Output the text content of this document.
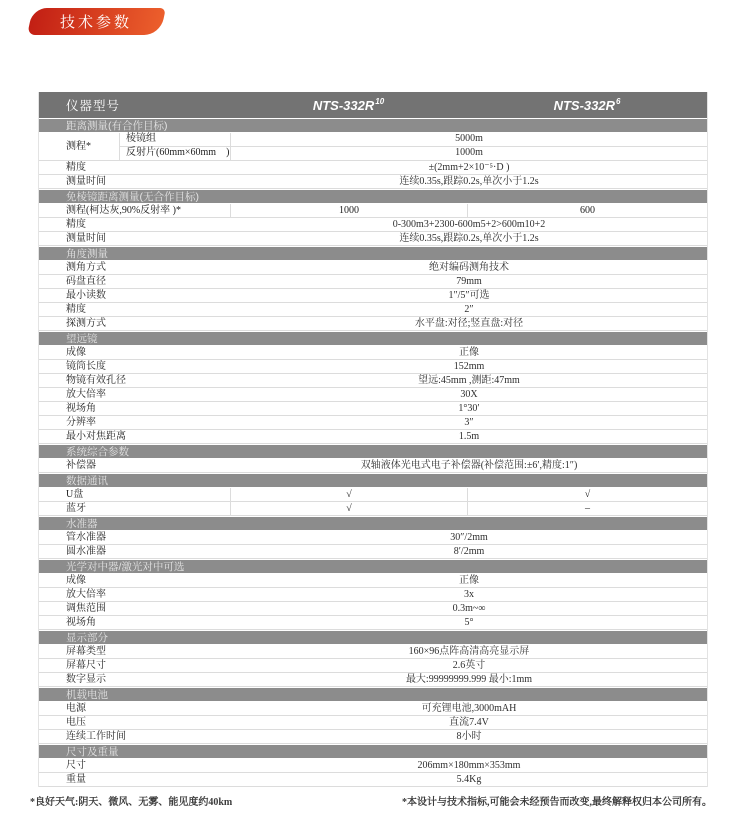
技术参数
仪器型号	NTS-332R 10	NTS-332R 6
距离测量(有合作目标)
测程*
棱镜组	5000m
反射片(60mm×60mm　)	1000m
精度	±(2mm+2×10⁻⁵·D )
测量时间	连续0.35s,跟踪0.2s,单次小于1.2s
免棱镜距离测量(无合作目标)
测程(柯达灰,90%反射率 )*	1000	600
精度	0-300m3+2300-600m5+2>600m10+2
测量时间	连续0.35s,跟踪0.2s,单次小于1.2s
角度测量
测角方式	绝对编码测角技术
码盘直径	79mm
最小读数	1″/5″可选
精度	2″
探测方式	水平盘:对径;竖直盘:对径
望远镜
成像	正像
镜筒长度	152mm
物镜有效孔径	望远:45mm ,测距:47mm
放大倍率	30X
视场角	1°30′
分辨率	3″
最小对焦距离	1.5m
系统综合参数
补偿器	双轴液体光电式电子补偿器(补偿范围:±6′,精度:1″)
数据通讯
U盘	√	√
蓝牙	√	–
水准器
管水准器	30″/2mm
圆水准器	8′/2mm
光学对中器/激光对中可选
成像	正像
放大倍率	3x
调焦范围	0.3m~∞
视场角	5°
显示部分
屏幕类型	160×96点阵高清高亮显示屏
屏幕尺寸	2.6英寸
数字显示	最大:99999999.999 最小:1mm
机载电池
电源	可充锂电池,3000mAH
电压	直流7.4V
连续工作时间	8小时
尺寸及重量
尺寸	206mm×180mm×353mm
重量	5.4Kg
*良好天气:阴天、微风、无雾、能见度约40km	*本设计与技术指标,可能会未经预告而改变,最终解释权归本公司所有。
